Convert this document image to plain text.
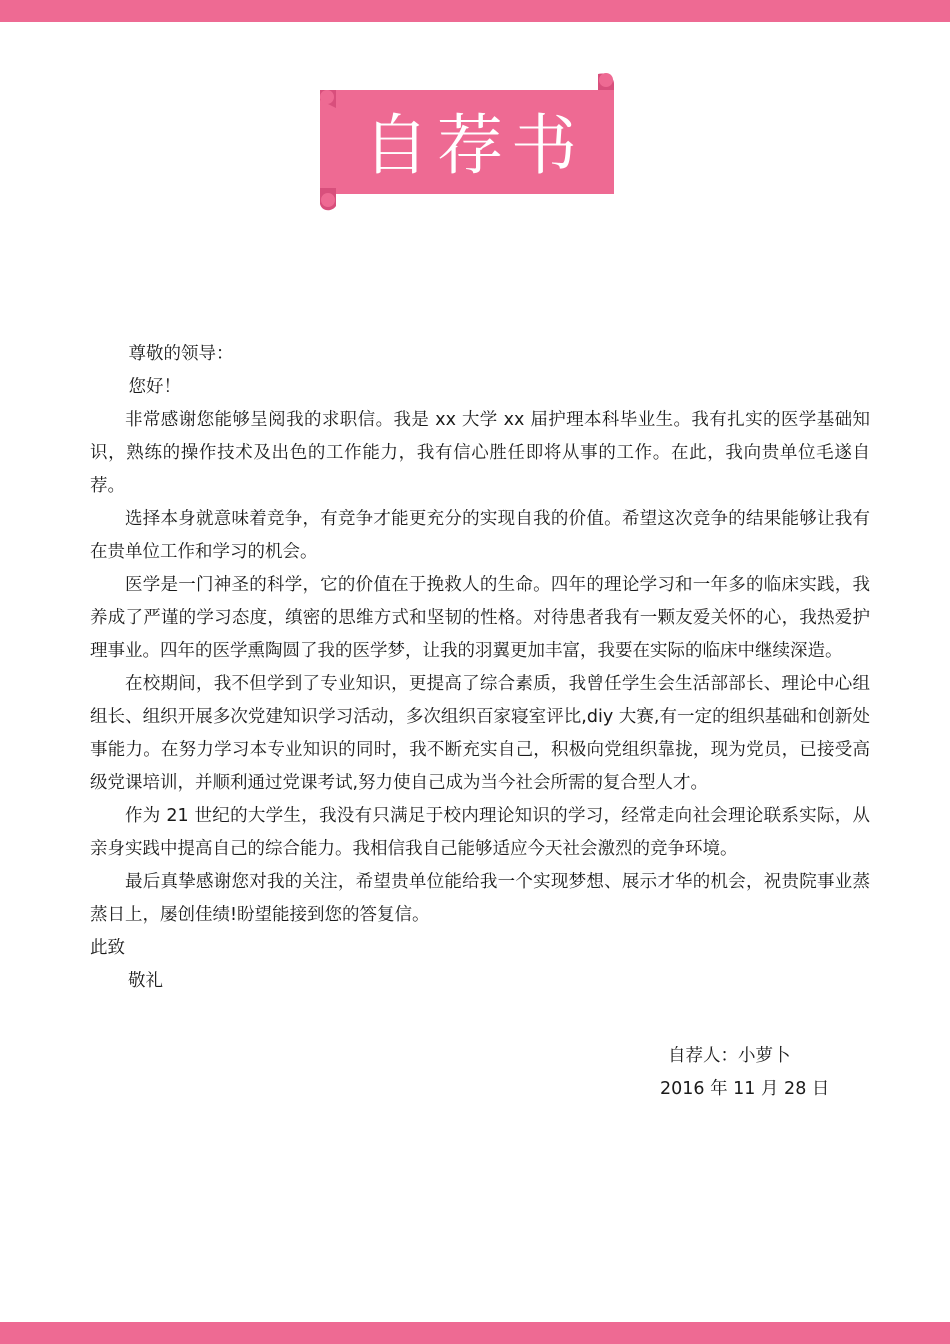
自荐书

尊敬的领导：

您好！

非常感谢您能够呈阅我的求职信。我是 xx 大学 xx 届护理本科毕业生。我有扎实的医学基础知识，熟练的操作技术及出色的工作能力，我有信心胜任即将从事的工作。在此，我向贵单位毛遂自荐。

选择本身就意味着竞争，有竞争才能更充分的实现自我的价值。希望这次竞争的结果能够让我有在贵单位工作和学习的机会。

医学是一门神圣的科学，它的价值在于挽救人的生命。四年的理论学习和一年多的临床实践，我养成了严谨的学习态度，缜密的思维方式和坚韧的性格。对待患者我有一颗友爱关怀的心，我热爱护理事业。四年的医学熏陶圆了我的医学梦，让我的羽翼更加丰富，我要在实际的临床中继续深造。

在校期间，我不但学到了专业知识，更提高了综合素质，我曾任学生会生活部部长、理论中心组组长、组织开展多次党建知识学习活动，多次组织百家寝室评比,diy 大赛,有一定的组织基础和创新处事能力。在努力学习本专业知识的同时，我不断充实自己，积极向党组织靠拢，现为党员，已接受高级党课培训，并顺利通过党课考试,努力使自己成为当今社会所需的复合型人才。

作为 21 世纪的大学生，我没有只满足于校内理论知识的学习，经常走向社会理论联系实际，从亲身实践中提高自己的综合能力。我相信我自己能够适应今天社会激烈的竞争环境。

最后真挚感谢您对我的关注，希望贵单位能给我一个实现梦想、展示才华的机会，祝贵院事业蒸蒸日上，屡创佳绩!盼望能接到您的答复信。

此致

敬礼

自荐人：小萝卜
2016 年 11 月 28 日
